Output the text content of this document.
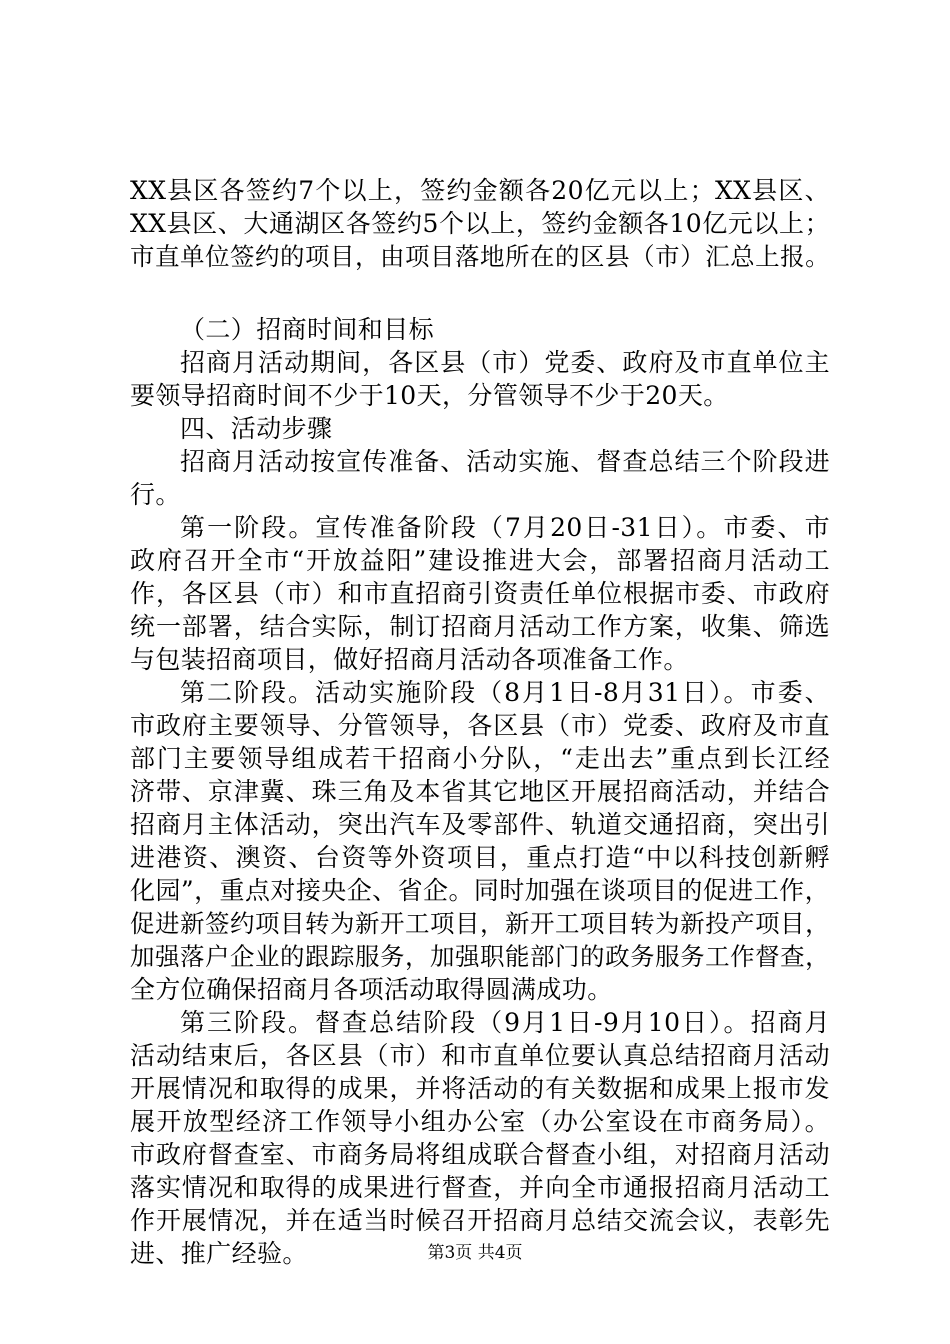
XX县区各签约7个以上，签约金额各20亿元以上；XX县区、
XX县区、大通湖区各签约5个以上，签约金额各10亿元以上；
市直单位签约的项目，由项目落地所在的区县（市）汇总上报。
（二）招商时间和目标
招商月活动期间，各区县（市）党委、政府及市直单位主
要领导招商时间不少于10天，分管领导不少于20天。
四、活动步骤
招商月活动按宣传准备、活动实施、督查总结三个阶段进
行。
第一阶段。宣传准备阶段（7月20日-31日）。市委、市
政府召开全市“开放益阳”建设推进大会，部署招商月活动工
作，各区县（市）和市直招商引资责任单位根据市委、市政府
统一部署，结合实际，制订招商月活动工作方案，收集、筛选
与包装招商项目，做好招商月活动各项准备工作。
第二阶段。活动实施阶段（8月1日-8月31日）。市委、
市政府主要领导、分管领导，各区县（市）党委、政府及市直
部门主要领导组成若干招商小分队，“走出去”重点到长江经
济带、京津冀、珠三角及本省其它地区开展招商活动，并结合
招商月主体活动，突出汽车及零部件、轨道交通招商，突出引
进港资、澳资、台资等外资项目，重点打造“中以科技创新孵
化园”，重点对接央企、省企。同时加强在谈项目的促进工作，
促进新签约项目转为新开工项目，新开工项目转为新投产项目，
加强落户企业的跟踪服务，加强职能部门的政务服务工作督查，
全方位确保招商月各项活动取得圆满成功。
第三阶段。督查总结阶段（9月1日-9月10日）。招商月
活动结束后，各区县（市）和市直单位要认真总结招商月活动
开展情况和取得的成果，并将活动的有关数据和成果上报市发
展开放型经济工作领导小组办公室（办公室设在市商务局）。
市政府督查室、市商务局将组成联合督查小组，对招商月活动
落实情况和取得的成果进行督查，并向全市通报招商月活动工
作开展情况，并在适当时候召开招商月总结交流会议，表彰先
进、推广经验。	第3页 共4页
